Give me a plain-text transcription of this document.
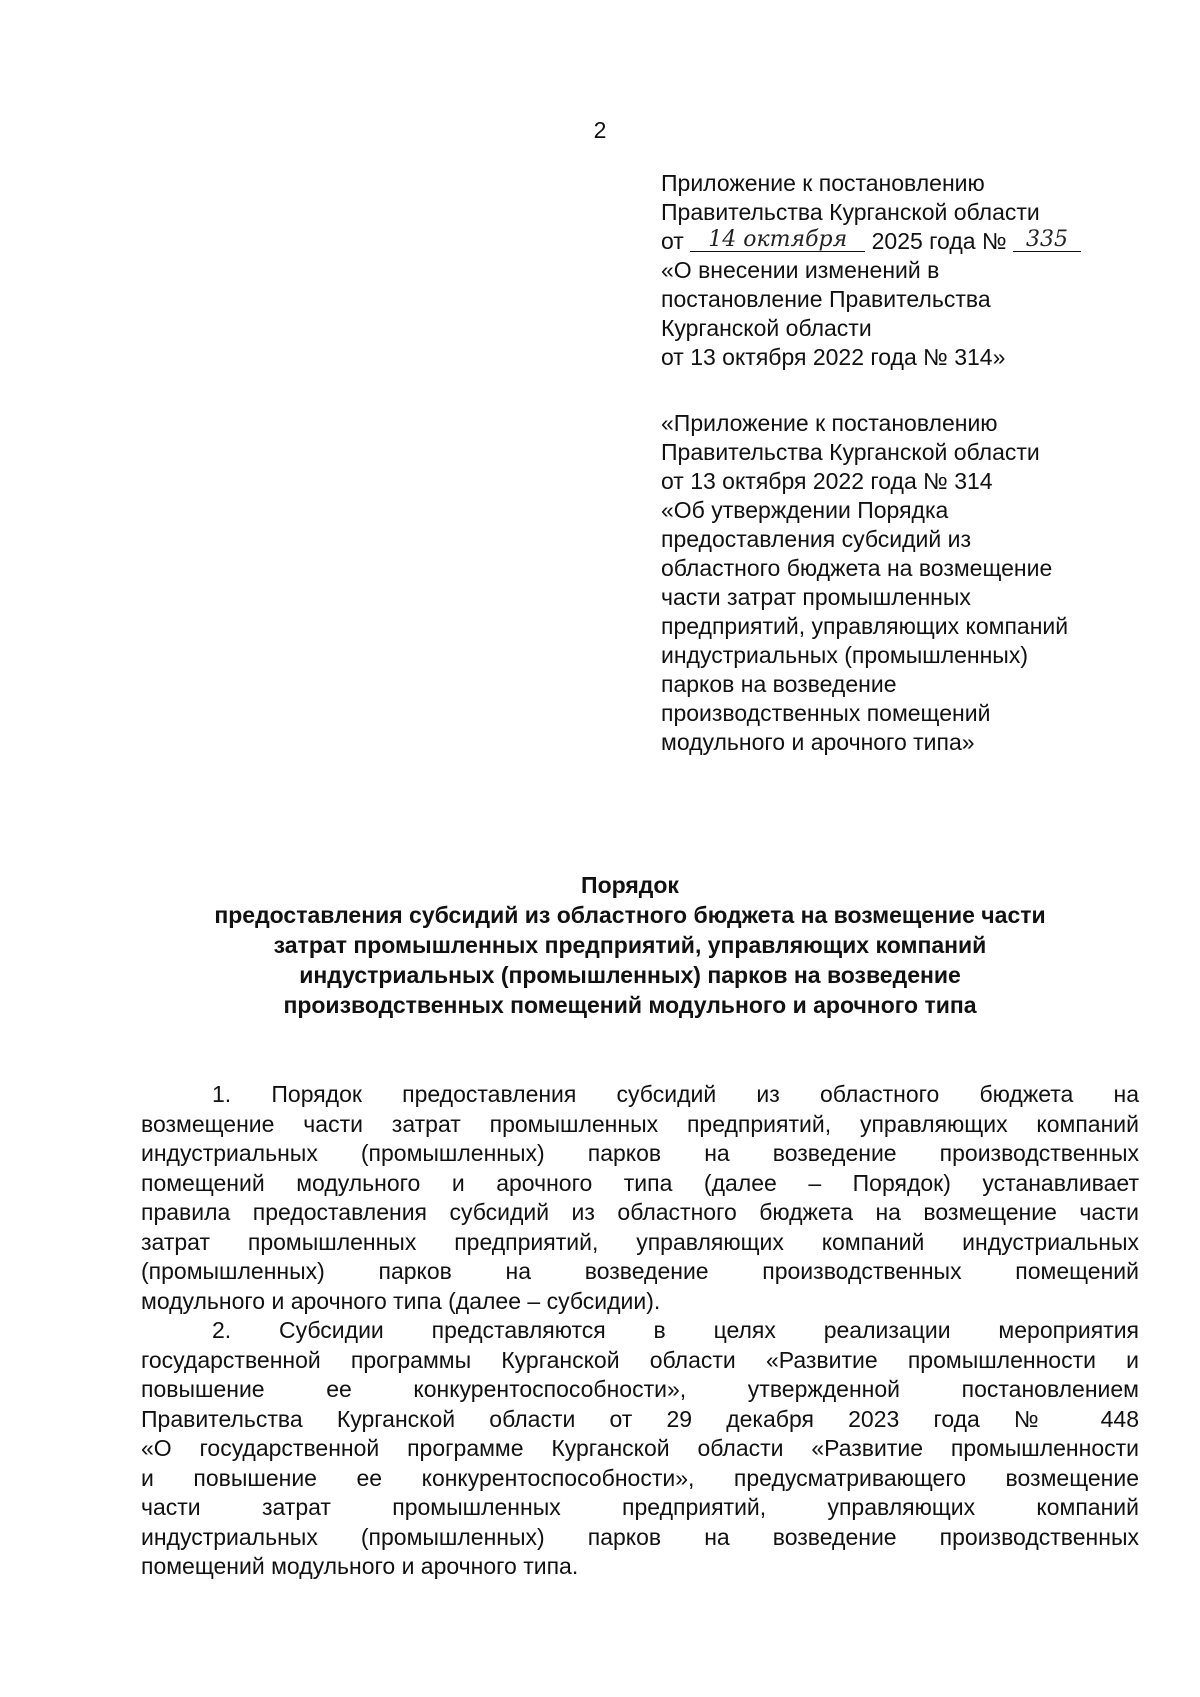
2
Приложение к постановлению
Правительства Курганской области
от 14 октября 2025 года № 335
«О внесении изменений в
постановление Правительства
Курганской области
от 13 октября 2022 года № 314»
«Приложение к постановлению
Правительства Курганской области
от 13 октября 2022 года № 314
«Об утверждении Порядка
предоставления субсидий из
областного бюджета на возмещение
части затрат промышленных
предприятий, управляющих компаний
индустриальных (промышленных)
парков на возведение
производственных помещений
модульного и арочного типа»
Порядок
предоставления субсидий из областного бюджета на возмещение части
затрат промышленных предприятий, управляющих компаний
индустриальных (промышленных) парков на возведение
производственных помещений модульного и арочного типа
1. Порядок предоставления субсидий из областного бюджета на
возмещение части затрат промышленных предприятий, управляющих компаний
индустриальных (промышленных) парков на возведение производственных
помещений модульного и арочного типа (далее – Порядок) устанавливает
правила предоставления субсидий из областного бюджета на возмещение части
затрат промышленных предприятий, управляющих компаний индустриальных
(промышленных) парков на возведение производственных помещений
модульного и арочного типа (далее – субсидии).
2. Субсидии представляются в целях реализации мероприятия
государственной программы Курганской области «Развитие промышленности и
повышение ее конкурентоспособности», утвержденной постановлением
Правительства Курганской области от 29 декабря 2023 года № 448
«О государственной программе Курганской области «Развитие промышленности
и повышение ее конкурентоспособности», предусматривающего возмещение
части затрат промышленных предприятий, управляющих компаний
индустриальных (промышленных) парков на возведение производственных
помещений модульного и арочного типа.
